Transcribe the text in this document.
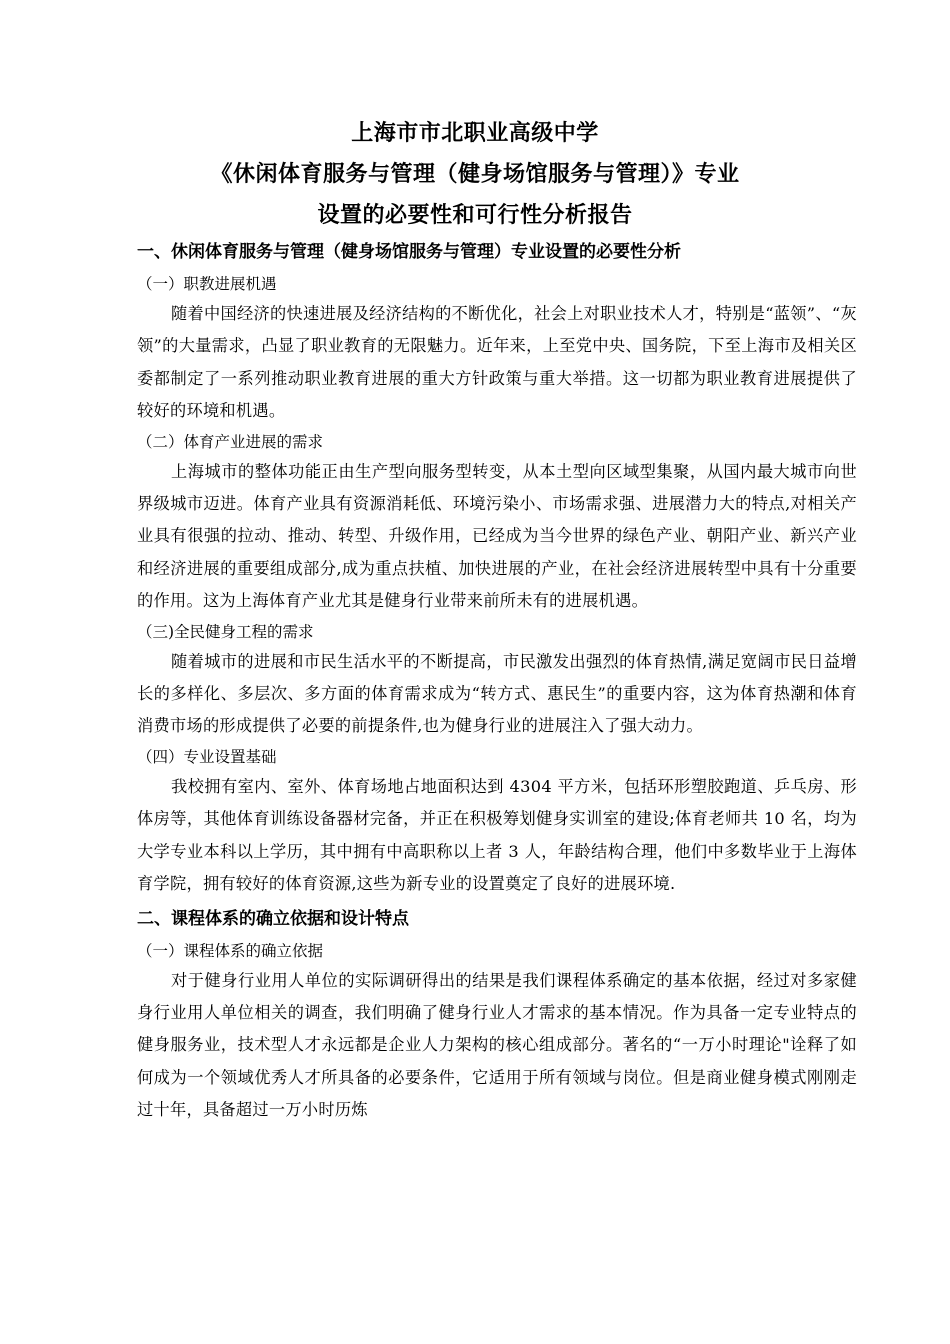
上海市市北职业高级中学

《休闲体育服务与管理（健身场馆服务与管理）》专业

设置的必要性和可行性分析报告

一、休闲体育服务与管理（健身场馆服务与管理）专业设置的必要性分析

（一）职教进展机遇

随着中国经济的快速进展及经济结构的不断优化，社会上对职业技术人才，特别是“蓝领”、“灰领”的大量需求，凸显了职业教育的无限魅力。近年来，上至党中央、国务院，下至上海市及相关区委都制定了一系列推动职业教育进展的重大方针政策与重大举措。这一切都为职业教育进展提供了较好的环境和机遇。

（二）体育产业进展的需求

上海城市的整体功能正由生产型向服务型转变，从本土型向区域型集聚，从国内最大城市向世界级城市迈进。体育产业具有资源消耗低、环境污染小、市场需求强、进展潜力大的特点,对相关产业具有很强的拉动、推动、转型、升级作用，已经成为当今世界的绿色产业、朝阳产业、新兴产业和经济进展的重要组成部分,成为重点扶植、加快进展的产业，在社会经济进展转型中具有十分重要的作用。这为上海体育产业尤其是健身行业带来前所未有的进展机遇。

（三)全民健身工程的需求

随着城市的进展和市民生活水平的不断提高，市民激发出强烈的体育热情,满足宽阔市民日益增长的多样化、多层次、多方面的体育需求成为“转方式、惠民生”的重要内容，这为体育热潮和体育消费市场的形成提供了必要的前提条件,也为健身行业的进展注入了强大动力。

（四）专业设置基础

我校拥有室内、室外、体育场地占地面积达到 4304 平方米，包括环形塑胶跑道、乒乓房、形体房等，其他体育训练设备器材完备，并正在积极筹划健身实训室的建设;体育老师共 10 名，均为大学专业本科以上学历，其中拥有中高职称以上者 3 人，年龄结构合理，他们中多数毕业于上海体育学院，拥有较好的体育资源,这些为新专业的设置奠定了良好的进展环境.

二、课程体系的确立依据和设计特点

（一）课程体系的确立依据

对于健身行业用人单位的实际调研得出的结果是我们课程体系确定的基本依据，经过对多家健身行业用人单位相关的调查，我们明确了健身行业人才需求的基本情况。作为具备一定专业特点的健身服务业，技术型人才永远都是企业人力架构的核心组成部分。著名的“一万小时理论"诠释了如何成为一个领域优秀人才所具备的必要条件，它适用于所有领域与岗位。但是商业健身模式刚刚走过十年，具备超过一万小时历炼
